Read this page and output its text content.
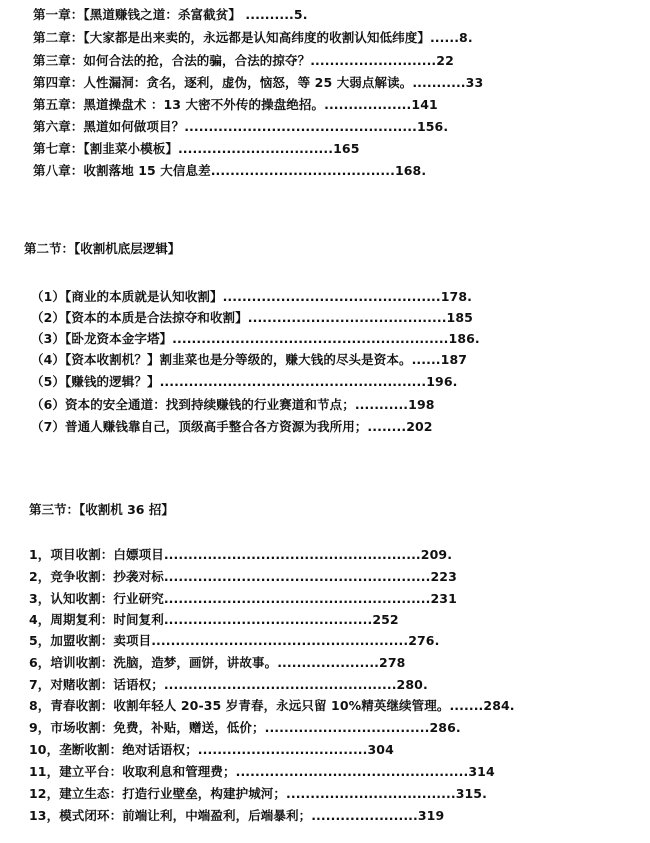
第一章：【黑道赚钱之道：杀富截贫】 ..........5.
第二章：【大家都是出来卖的，永远都是认知高纬度的收割认知低纬度】......8.
第三章：如何合法的抢，合法的骗，合法的掠夺？..........................22
第四章：人性漏洞：贪名，逐利，虚伪，恼怒，等 25 大弱点解读。...........33
第五章：黑道操盘术 ：13 大密不外传的操盘绝招。..................141
第六章：黑道如何做项目？................................................156.
第七章：【割韭菜小模板】................................165
第八章：收割落地 15 大信息差......................................168.
第二节：【收割机底层逻辑】
（1）【商业的本质就是认知收割】.............................................178.
（2）【资本的本质是合法掠夺和收割】.........................................185
（3）【卧龙资本金字塔】.........................................................186.
（4）【资本收割机？】割韭菜也是分等级的，赚大钱的尽头是资本。......187
（5）【赚钱的逻辑？】.......................................................196.
（6）资本的安全通道：找到持续赚钱的行业赛道和节点；...........198
（7）普通人赚钱靠自己，顶级高手整合各方资源为我所用；........202
第三节：【收割机 36 招】
1，项目收割：白嫖项目.....................................................209.
2，竞争收割：抄袭对标.......................................................223
3，认知收割：行业研究.......................................................231
4，周期复利：时间复利...........................................252
5，加盟收割：卖项目.....................................................276.
6，培训收割：洗脑，造梦，画饼，讲故事。.....................278
7，对赌收割：话语权；................................................280.
8，青春收割：收割年轻人 20-35 岁青春，永远只留 10%精英继续管理。.......284.
9，市场收割：免费，补贴，赠送，低价；..................................286.
10，垄断收割：绝对话语权；...................................304
11，建立平台：收取利息和管理费；................................................314
12，建立生态：打造行业壁垒，构建护城河；...................................315.
13，模式闭环：前端让利，中端盈利，后端暴利；......................319
